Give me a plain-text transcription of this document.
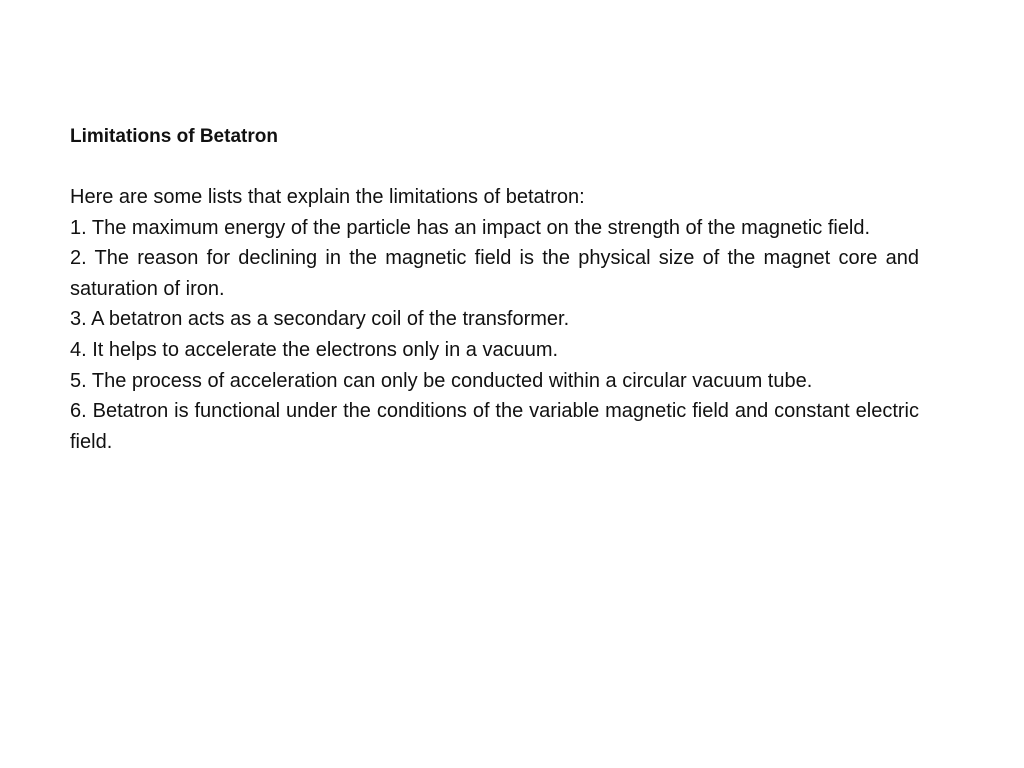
Limitations of Betatron

Here are some lists that explain the limitations of betatron:

1. The maximum energy of the particle has an impact on the strength of the magnetic field.

2. The reason for declining in the magnetic field is the physical size of the magnet core and saturation of iron.

3. A betatron acts as a secondary coil of the transformer.

4. It helps to accelerate the electrons only in a vacuum.

5. The process of acceleration can only be conducted within a circular vacuum tube.

6. Betatron is functional under the conditions of the variable magnetic field and constant electric field.
